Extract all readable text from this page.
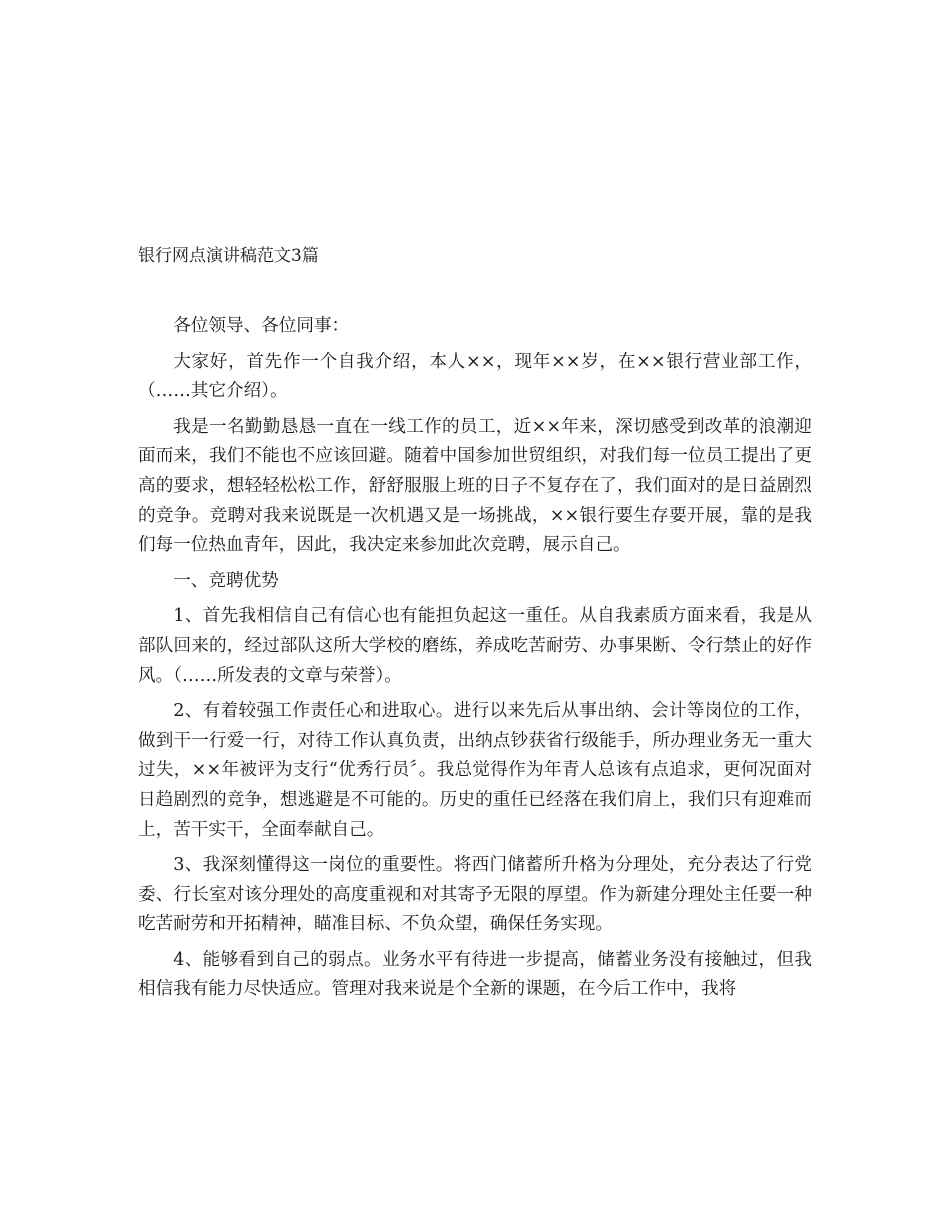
银行网点演讲稿范文3篇

各位领导、各位同事：

大家好，首先作一个自我介绍，本人××，现年××岁，在××银行营业部工作，（……其它介绍）。

我是一名勤勤恳恳一直在一线工作的员工，近××年来，深切感受到改革的浪潮迎面而来，我们不能也不应该回避。随着中国参加世贸组织，对我们每一位员工提出了更高的要求，想轻轻松松工作，舒舒服服上班的日子不复存在了，我们面对的是日益剧烈的竞争。竞聘对我来说既是一次机遇又是一场挑战，××银行要生存要开展，靠的是我们每一位热血青年，因此，我决定来参加此次竞聘，展示自己。

一、竞聘优势

1、首先我相信自己有信心也有能担负起这一重任。从自我素质方面来看，我是从部队回来的，经过部队这所大学校的磨练，养成吃苦耐劳、办事果断、令行禁止的好作风。（……所发表的文章与荣誉）。

2、有着较强工作责任心和进取心。进行以来先后从事出纳、会计等岗位的工作，做到干一行爱一行，对待工作认真负责，出纳点钞获省行级能手，所办理业务无一重大过失，××年被评为支行“优秀行员〞。我总觉得作为年青人总该有点追求，更何况面对日趋剧烈的竞争，想逃避是不可能的。历史的重任已经落在我们肩上，我们只有迎难而上，苦干实干，全面奉献自己。

3、我深刻懂得这一岗位的重要性。将西门储蓄所升格为分理处，充分表达了行党委、行长室对该分理处的高度重视和对其寄予无限的厚望。作为新建分理处主任要一种吃苦耐劳和开拓精神，瞄准目标、不负众望，确保任务实现。

4、能够看到自己的弱点。业务水平有待进一步提高，储蓄业务没有接触过，但我相信我有能力尽快适应。管理对我来说是个全新的课题，在今后工作中，我将
